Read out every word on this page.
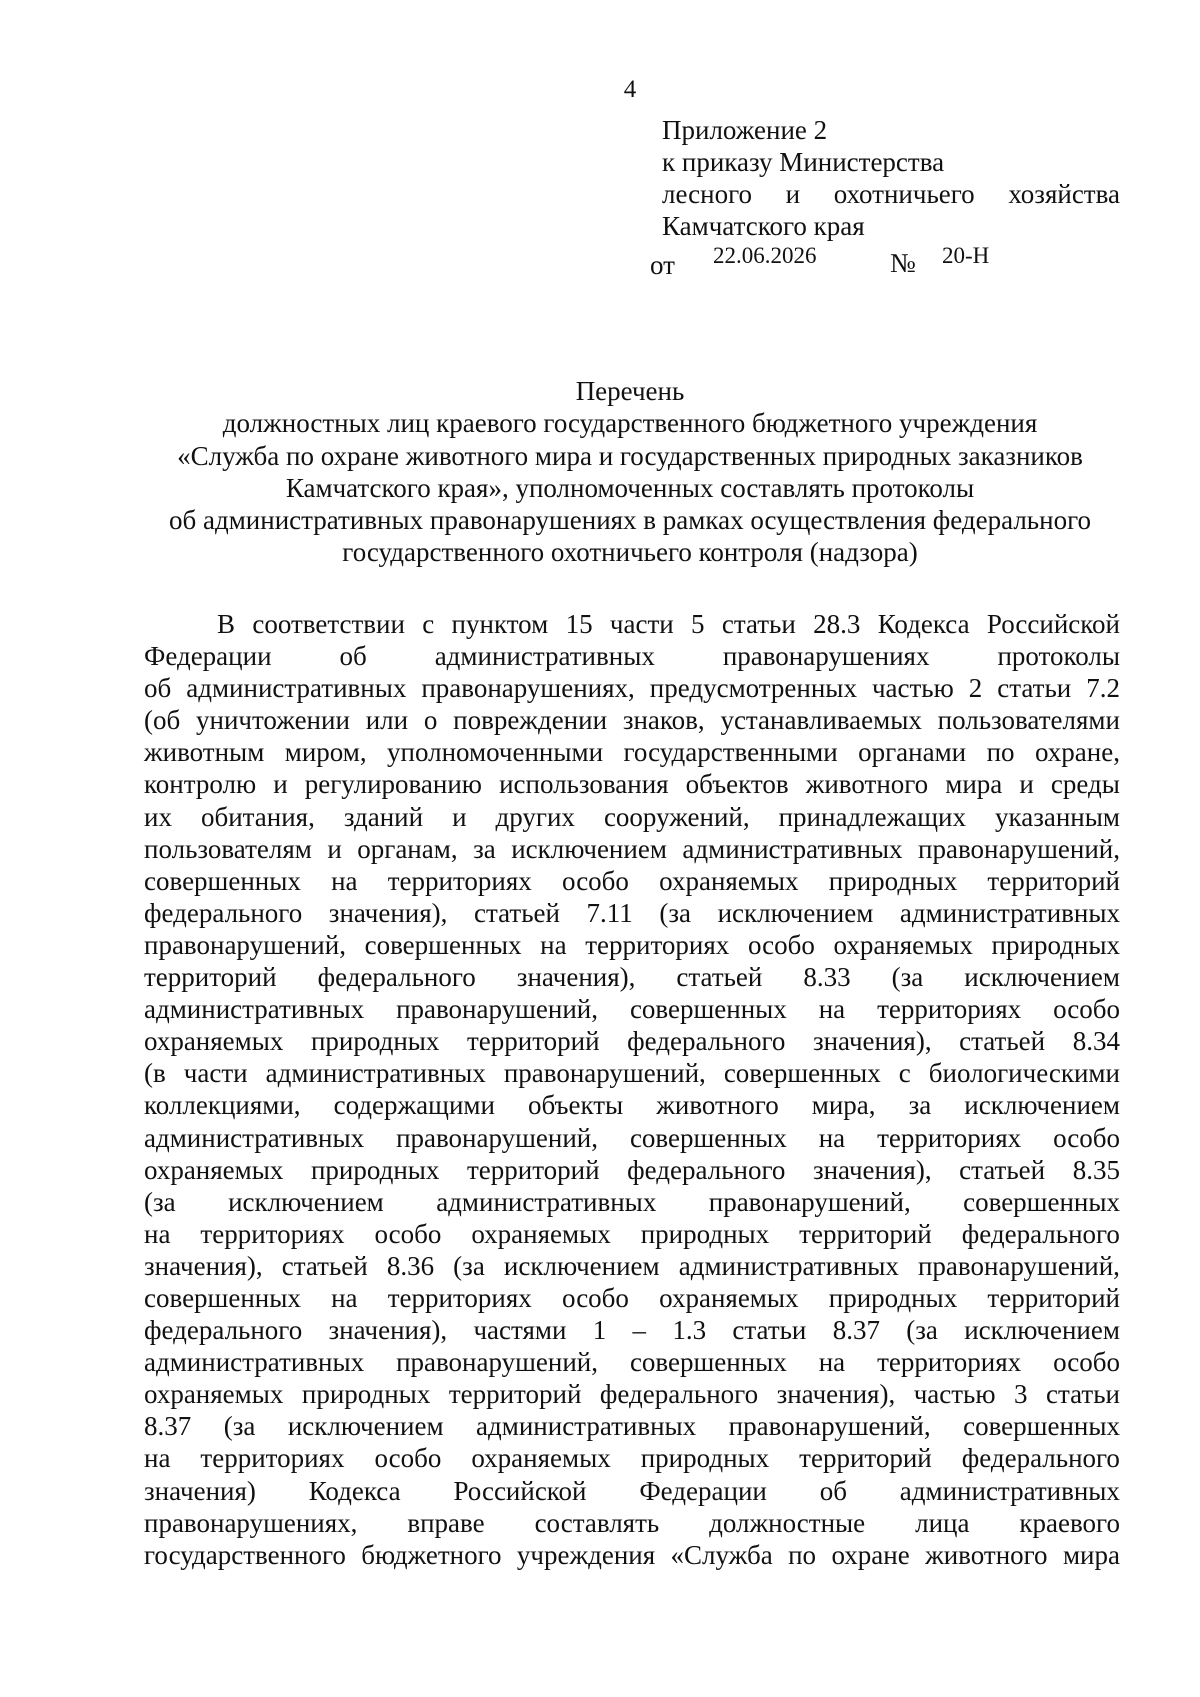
4
Приложение 2
к приказу Министерства
лесного и охотничьего хозяйства
Камчатского края
от 22.06.2026	№ 20-Н
Перечень
должностных лиц краевого государственного бюджетного учреждения
«Служба по охране животного мира и государственных природных заказников
Камчатского края», уполномоченных составлять протоколы
об административных правонарушениях в рамках осуществления федерального
государственного охотничьего контроля (надзора)
В соответствии с пунктом 15 части 5 статьи 28.3 Кодекса Российской
Федерации	об	административных	правонарушениях	протоколы
об административных правонарушениях, предусмотренных частью 2 статьи 7.2
(об уничтожении или о повреждении знаков, устанавливаемых пользователями
животным миром, уполномоченными государственными органами по охране,
контролю и регулированию использования объектов животного мира и среды
их обитания, зданий и других сооружений, принадлежащих указанным
пользователям и органам, за исключением административных правонарушений,
совершенных на территориях особо охраняемых природных территорий
федерального значения), статьей 7.11 (за исключением административных
правонарушений, совершенных на территориях особо охраняемых природных
территорий федерального значения), статьей 8.33 (за исключением
административных правонарушений, совершенных на территориях особо
охраняемых природных территорий федерального значения), статьей 8.34
(в части административных правонарушений, совершенных с биологическими
коллекциями, содержащими объекты животного мира, за исключением
административных правонарушений, совершенных на территориях особо
охраняемых природных территорий федерального значения), статьей 8.35
(за исключением административных правонарушений, совершенных
на территориях особо охраняемых природных территорий федерального
значения), статьей 8.36 (за исключением административных правонарушений,
совершенных на территориях особо охраняемых природных территорий
федерального значения), частями 1 – 1.3 статьи 8.37 (за исключением
административных правонарушений, совершенных на территориях особо
охраняемых природных территорий федерального значения), частью 3 статьи
8.37 (за исключением административных правонарушений, совершенных
на территориях особо охраняемых природных территорий федерального
значения) Кодекса Российской Федерации об административных
правонарушениях, вправе составлять должностные лица краевого
государственного бюджетного учреждения «Служба по охране животного мира
